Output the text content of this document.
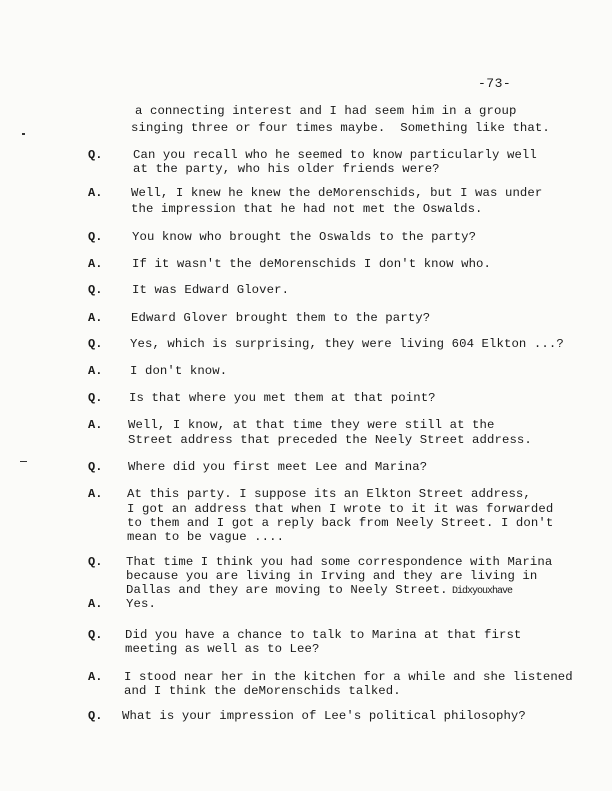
-73-
a connecting interest and I had seem him in a group
singing three or four times maybe.  Something like that.
Q. Can you recall who he seemed to know particularly well
at the party, who his older friends were?
A. Well, I knew he knew the deMorenschids, but I was under
the impression that he had not met the Oswalds.
Q. You know who brought the Oswalds to the party?
A. If it wasn't the deMorenschids I don't know who.
Q. It was Edward Glover.
A. Edward Glover brought them to the party?
Q. Yes, which is surprising, they were living 604 Elkton ...?
A. I don't know.
Q. Is that where you met them at that point?
A. Well, I know, at that time they were still at the
Street address that preceded the Neely Street address.
Q. Where did you first meet Lee and Marina?
A. At this party. I suppose its an Elkton Street address,
I got an address that when I wrote to it it was forwarded
to them and I got a reply back from Neely Street. I don't
mean to be vague ....
Q. That time I think you had some correspondence with Marina
because you are living in Irving and they are living in
Dallas and they are moving to Neely Street. Didxyouxhave
A. Yes.
Q. Did you have a chance to talk to Marina at that first
meeting as well as to Lee?
A. I stood near her in the kitchen for a while and she listened
and I think the deMorenschids talked.
Q. What is your impression of Lee's political philosophy?
